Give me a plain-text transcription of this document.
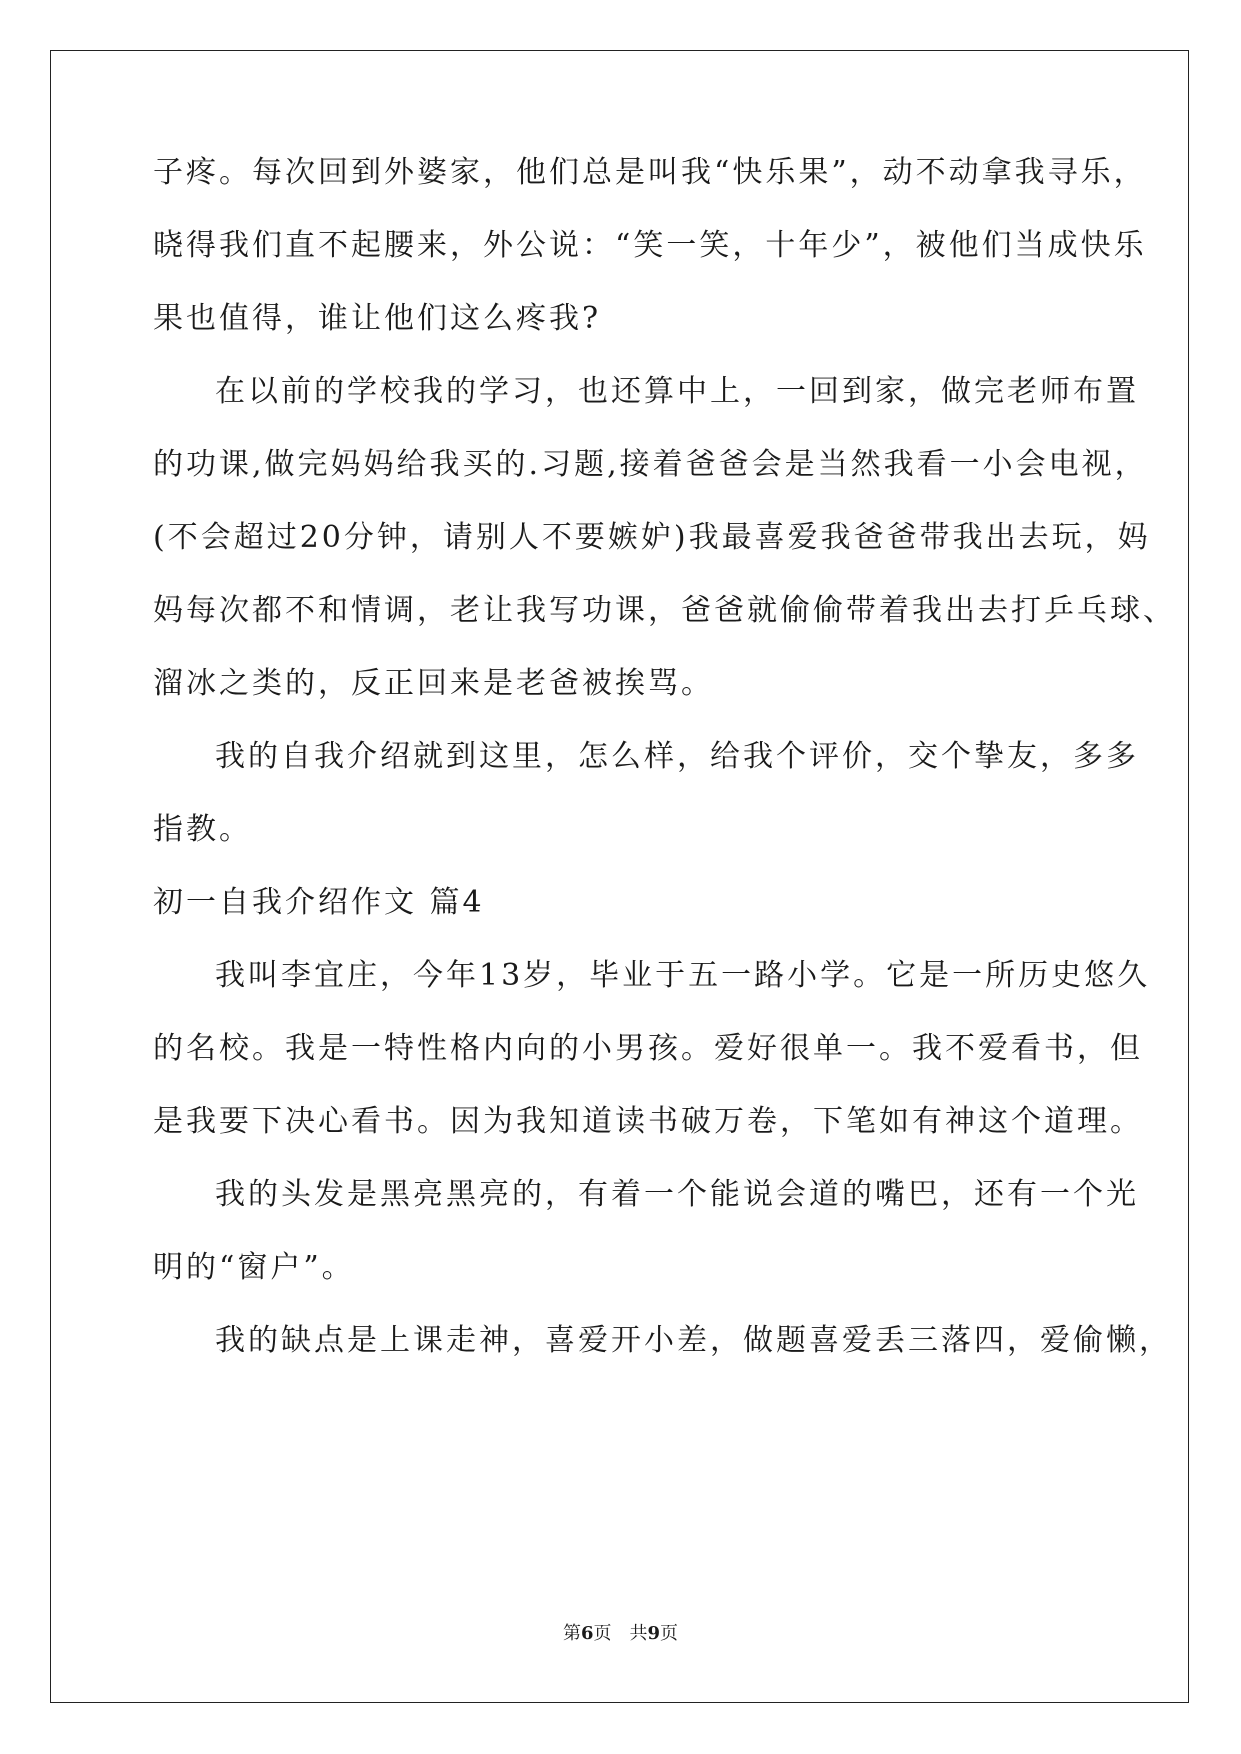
子疼。每次回到外婆家，他们总是叫我“快乐果”，动不动拿我寻乐，
晓得我们直不起腰来，外公说：“笑一笑，十年少”，被他们当成快乐
果也值得，谁让他们这么疼我?
在以前的学校我的学习，也还算中上，一回到家，做完老师布置
的功课,做完妈妈给我买的.习题,接着爸爸会是当然我看一小会电视，
(不会超过20分钟，请别人不要嫉妒)我最喜爱我爸爸带我出去玩，妈
妈每次都不和情调，老让我写功课，爸爸就偷偷带着我出去打乒乓球、
溜冰之类的，反正回来是老爸被挨骂。
我的自我介绍就到这里，怎么样，给我个评价，交个挚友，多多
指教。
初一自我介绍作文 篇4
我叫李宜庄，今年13岁，毕业于五一路小学。它是一所历史悠久
的名校。我是一特性格内向的小男孩。爱好很单一。我不爱看书，但
是我要下决心看书。因为我知道读书破万卷，下笔如有神这个道理。
我的头发是黑亮黑亮的，有着一个能说会道的嘴巴，还有一个光
明的“窗户”。
我的缺点是上课走神，喜爱开小差，做题喜爱丢三落四，爱偷懒，
第6页 共9页
